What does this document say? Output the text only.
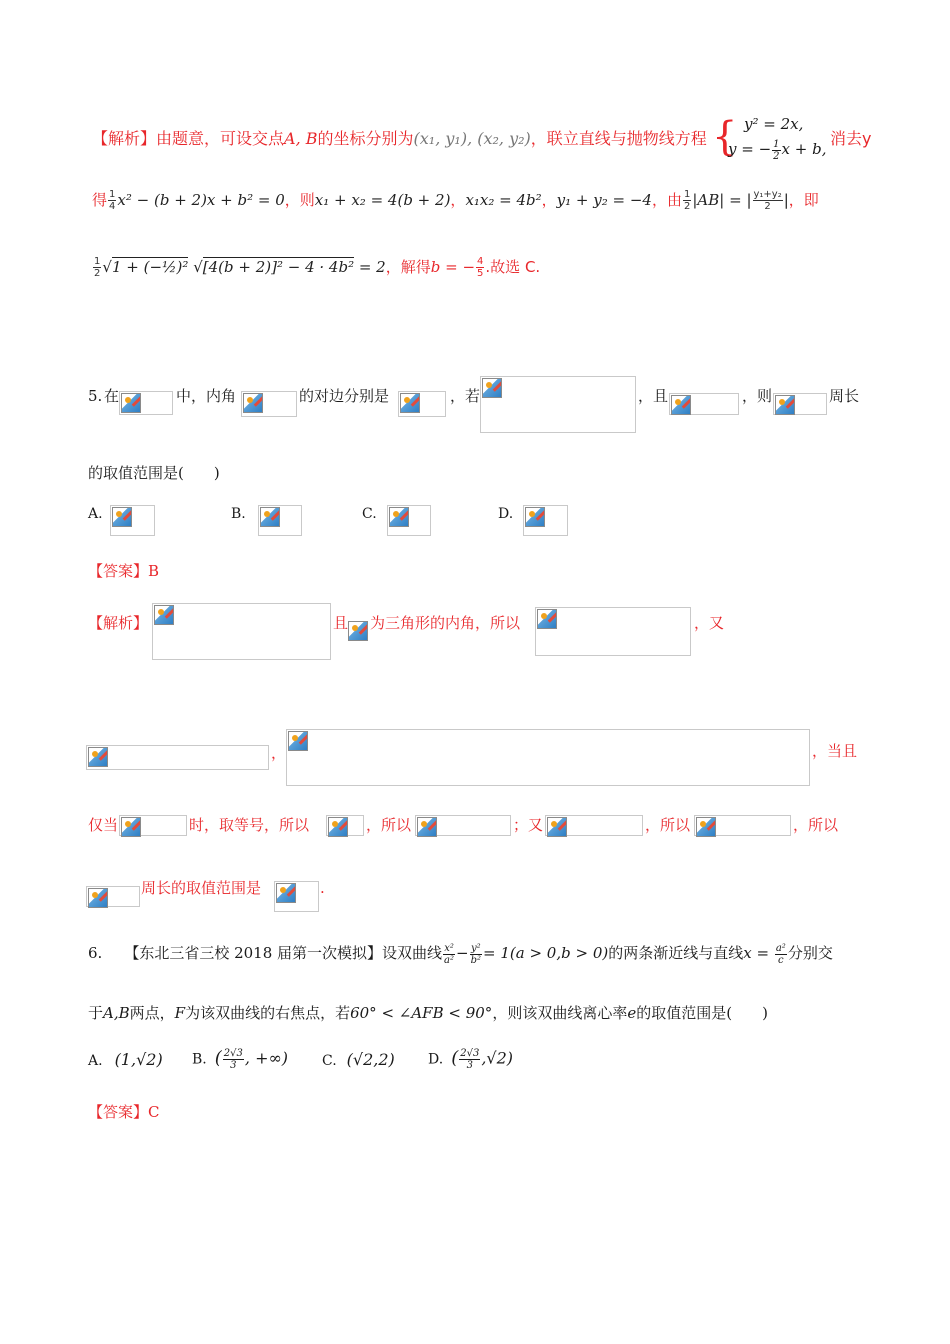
【解析】由题意，可设交点A, B的坐标分别为(x₁, y₁), (x₂, y₂)，联立直线与抛物线方程 { y² = 2x,
y = − $\frac{1}{2}$ x + b,
消去y
得 $\frac{1}{4} x^2 - (b + 2)x + b^2 = 0$，则x₁ + x₂ = 4(b + 2)，x₁x₂ = 4b²，y₁ + y₂ = −4，由 $\frac{1}{2} |AB|$ = | $\frac{\text{y₁+y₂}}{2}$ |，即
$\frac{1}{2} √1$ + (−½)² √[4(b + 2)]² − 4 · 4b² = 2，解得b = − $\frac{4}{5}$ .故选 C.
5. 在	中，内角	的对边分别是	，若	，且	，则	周长
的取值范围是(　　)
A.	B.	C.	D.
【答案】B
【解析】	且 为三角形的内角，所以	，又
，	，当且
仅当	时，取等号，所以	，所以	；又	，所以	，所以
周长的取值范围是	.
6. 【东北三省三校 2018 届第一次模拟】设双曲线 $\frac{\text{x²}}{\text{a²}} - \frac{\text{y²}}{\text{b²}} = 1(a > 0,b > 0)$的两条渐近线与直线$x = \frac{\text{a²}}{c}$ 分别交
于A,B两点，F为该双曲线的右焦点，若60° < ∠AFB < 90°，则该双曲线离心率e的取值范围是(　　)
A. (1,√2) B. ( $\frac{2√3}{3}$ , +∞) C. (√2,2) D. ( $\frac{2√3}{3} ,√2$)
【答案】C
